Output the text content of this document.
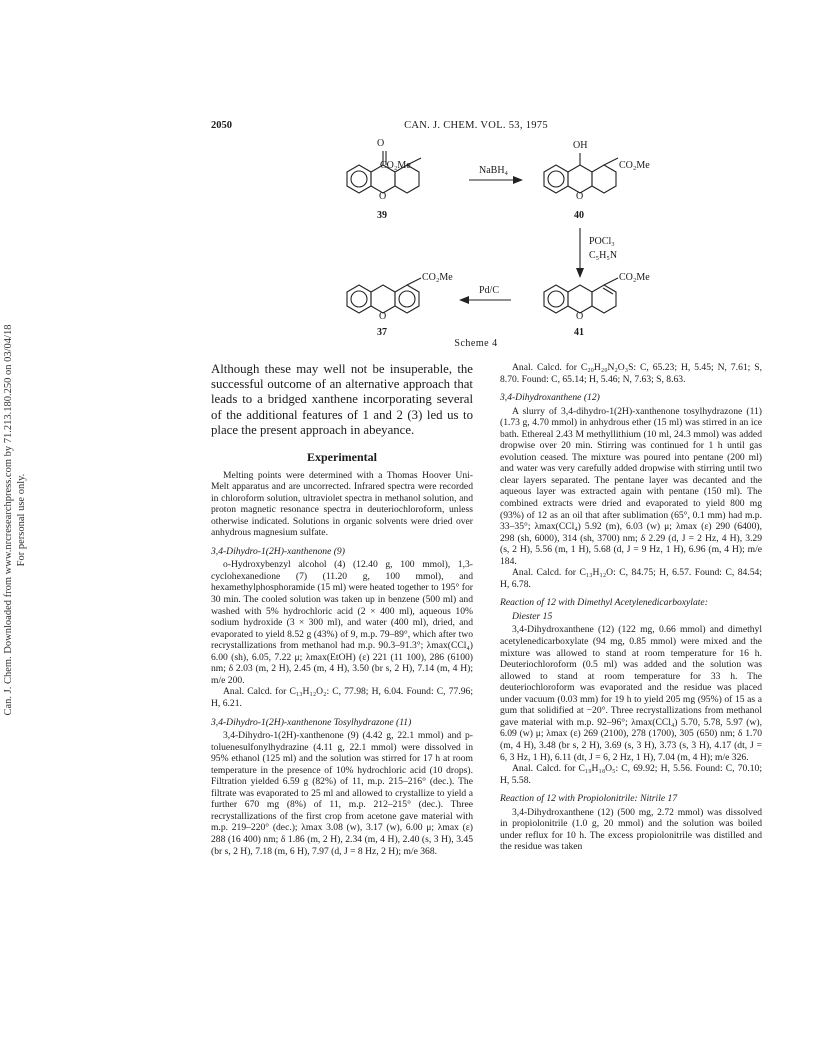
Can. J. Chem. Downloaded from www.nrcresearchpress.com by 71.213.180.250 on 03/04/18 For personal use only.
2050	CAN. J. CHEM. VOL. 53, 1975
O
CO₂Me
O
OH
CO₂Me
O
CO₂Me
O
CO₂Me
O
NaBH₄
POCl₃
C₅H₅N
Pd/C
39	40
41
37
Scheme 4

Although these may well not be insuperable, the successful outcome of an alternative approach that leads to a bridged xanthene incorporating several of the additional features of 1 and 2 (3) led us to place the present approach in abeyance.

Experimental

Melting points were determined with a Thomas Hoover Uni-Melt apparatus and are uncorrected. Infrared spectra were recorded in chloroform solution, ultraviolet spectra in methanol solution, and proton magnetic resonance spectra in deuteriochloroform, unless otherwise indicated. Solutions in organic solvents were dried over anhydrous magnesium sulfate.

3,4-Dihydro-1(2H)-xanthenone (9)

o-Hydroxybenzyl alcohol (4) (12.40 g, 100 mmol), 1,3-cyclohexanedione (7) (11.20 g, 100 mmol), and hexamethylphosphoramide (15 ml) were heated together to 195° for 30 min. The cooled solution was taken up in benzene (500 ml) and washed with 5% hydrochloric acid (2 × 400 ml), aqueous 10% sodium hydroxide (3 × 300 ml), and water (400 ml), dried, and evaporated to yield 8.52 g (43%) of 9, m.p. 79–89°, which after two recrystallizations from methanol had m.p. 90.3–91.3°; λmax(CCl₄) 6.00 (sh), 6.05, 7.22 μ; λmax(EtOH) (ε) 221 (11 100), 286 (6100) nm; δ 2.03 (m, 2 H), 2.45 (m, 4 H), 3.50 (br s, 2 H), 7.14 (m, 4 H); m/e 200.

Anal. Calcd. for C₁₃H₁₂O₂: C, 77.98; H, 6.04. Found: C, 77.96; H, 6.21.

3,4-Dihydro-1(2H)-xanthenone Tosylhydrazone (11)

3,4-Dihydro-1(2H)-xanthenone (9) (4.42 g, 22.1 mmol) and p-toluenesulfonylhydrazine (4.11 g, 22.1 mmol) were dissolved in 95% ethanol (125 ml) and the solution was stirred for 17 h at room temperature in the presence of 10% hydrochloric acid (10 drops). Filtration yielded 6.59 g (82%) of 11, m.p. 215–216° (dec.). The filtrate was evaporated to 25 ml and allowed to crystallize to yield a further 670 mg (8%) of 11, m.p. 212–215° (dec.). Three recrystallizations of the first crop from acetone gave material with m.p. 219–220° (dec.); λmax 3.08 (w), 3.17 (w), 6.00 μ; λmax (ε) 288 (16 400) nm; δ 1.86 (m, 2 H), 2.34 (m, 4 H), 2.40 (s, 3 H), 3.45 (br s, 2 H), 7.18 (m, 6 H), 7.97 (d, J = 8 Hz, 2 H); m/e 368.

Anal. Calcd. for C₂₀H₂₀N₂O₃S: C, 65.23; H, 5.45; N, 7.61; S, 8.70. Found: C, 65.14; H, 5.46; N, 7.63; S, 8.63.

3,4-Dihydroxanthene (12)

A slurry of 3,4-dihydro-1(2H)-xanthenone tosylhydrazone (11) (1.73 g, 4.70 mmol) in anhydrous ether (15 ml) was stirred in an ice bath. Ethereal 2.43 M methyllithium (10 ml, 24.3 mmol) was added dropwise over 20 min. Stirring was continued for 1 h until gas evolution ceased. The mixture was poured into pentane (200 ml) and water was very carefully added dropwise with stirring until two clear layers separated. The pentane layer was decanted and the aqueous layer was extracted again with pentane (150 ml). The combined extracts were dried and evaporated to yield 800 mg (93%) of 12 as an oil that after sublimation (65°, 0.1 mm) had m.p. 33–35°; λmax(CCl₄) 5.92 (m), 6.03 (w) μ; λmax (ε) 290 (6400), 298 (sh, 6000), 314 (sh, 3700) nm; δ 2.29 (d, J = 2 Hz, 4 H), 3.29 (s, 2 H), 5.56 (m, 1 H), 5.68 (d, J = 9 Hz, 1 H), 6.96 (m, 4 H); m/e 184.

Anal. Calcd. for C₁₃H₁₂O: C, 84.75; H, 6.57. Found: C, 84.54; H, 6.78.

Reaction of 12 with Dimethyl Acetylenedicarboxylate:
Diester 15

3,4-Dihydroxanthene (12) (122 mg, 0.66 mmol) and dimethyl acetylenedicarboxylate (94 mg, 0.85 mmol) were mixed and the mixture was allowed to stand at room temperature for 16 h. Deuteriochloroform (0.5 ml) was added and the solution was allowed to stand at room temperature for 33 h. The deuteriochloroform was evaporated and the residue was placed under vacuum (0.03 mm) for 19 h to yield 205 mg (95%) of 15 as a gum that solidified at −20°. Three recrystallizations from methanol gave material with m.p. 92–96°; λmax(CCl₄) 5.70, 5.78, 5.97 (w), 6.09 (w) μ; λmax (ε) 269 (2100), 278 (1700), 305 (650) nm; δ 1.70 (m, 4 H), 3.48 (br s, 2 H), 3.69 (s, 3 H), 3.73 (s, 3 H), 4.17 (dt, J = 6, 3 Hz, 1 H), 6.11 (dt, J = 6, 2 Hz, 1 H), 7.04 (m, 4 H); m/e 326.

Anal. Calcd. for C₁₉H₁₈O₅: C, 69.92; H, 5.56. Found: C, 70.10; H, 5.58.

Reaction of 12 with Propiolonitrile: Nitrile 17

3,4-Dihydroxanthene (12) (500 mg, 2.72 mmol) was dissolved in propiolonitrile (1.0 g, 20 mmol) and the solution was boiled under reflux for 10 h. The excess propiolonitrile was distilled and the residue was taken
